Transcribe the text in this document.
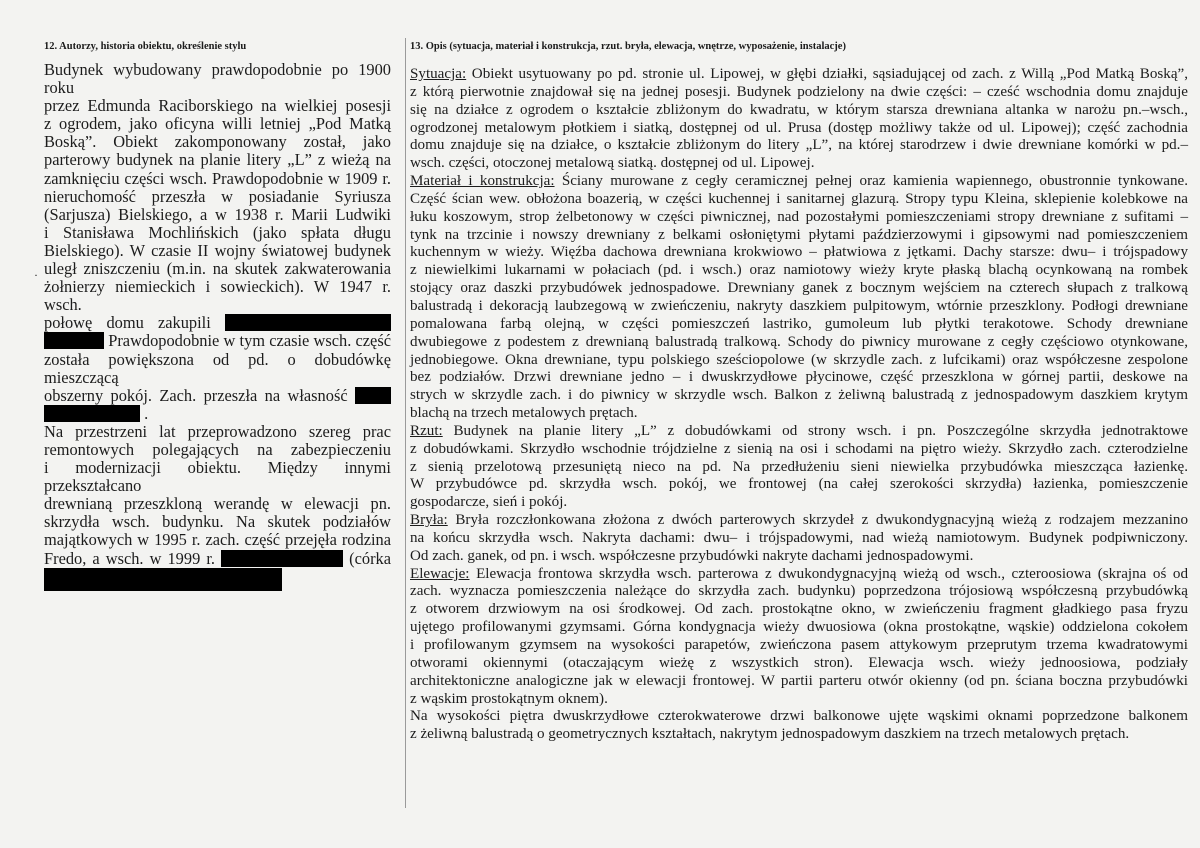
12. Autorzy, historia obiektu, określenie stylu	13. Opis (sytuacja, materiał i konstrukcja, rzut. bryła, elewacja, wnętrze, wyposażenie, instalacje)
·
Budynek wybudowany prawdopodobnie po 1900 roku
przez Edmunda Raciborskiego na wielkiej posesji
z ogrodem, jako oficyna willi letniej „Pod Matką
Boską”. Obiekt zakomponowany został, jako
parterowy budynek na planie litery „L” z wieżą na
zamknięciu części wsch. Prawdopodobnie w 1909 r.
nieruchomość przeszła w posiadanie Syriusza
(Sarjusza) Bielskiego, a w 1938 r. Marii Ludwiki
i Stanisława Mochlińskich (jako spłata długu
Bielskiego). W czasie II wojny światowej budynek
uległ zniszczeniu (m.in. na skutek zakwaterowania
żołnierzy niemieckich i sowieckich). W 1947 r. wsch.
połowę domu zakupili
Prawdopodobnie w tym czasie wsch. część
została powiększona od pd. o dobudówkę mieszczącą
obszerny pokój. Zach. przeszła na własność
.
Na przestrzeni lat przeprowadzono szereg prac
remontowych polegających na zabezpieczeniu
i modernizacji obiektu. Między innymi przekształcano
drewnianą przeszkloną werandę w elewacji pn.
skrzydła wsch. budynku. Na skutek podziałów
majątkowych w 1995 r. zach. część przejęła rodzina
Fredo, a wsch. w 1999 r.	(córka
Sytuacja: Obiekt usytuowany po pd. stronie ul. Lipowej, w głębi działki, sąsiadującej od zach. z Willą „Pod Matką Boską”,
z którą pierwotnie znajdował się na jednej posesji. Budynek podzielony na dwie części: – cześć wschodnia domu znajduje
się na działce z ogrodem o kształcie zbliżonym do kwadratu, w którym starsza drewniana altanka w narożu pn.–wsch.,
ogrodzonej metalowym płotkiem i siatką, dostępnej od ul. Prusa (dostęp możliwy także od ul. Lipowej); część zachodnia
domu znajduje się na działce, o kształcie zbliżonym do litery „L”, na której starodrzew i dwie drewniane komórki w pd.–
wsch. części, otoczonej metalową siatką. dostępnej od ul. Lipowej.
Materiał i konstrukcja: Ściany murowane z cegły ceramicznej pełnej oraz kamienia wapiennego, obustronnie tynkowane.
Część ścian wew. obłożona boazerią, w części kuchennej i sanitarnej glazurą. Stropy typu Kleina, sklepienie kolebkowe na
łuku koszowym, strop żelbetonowy w części piwnicznej, nad pozostałymi pomieszczeniami stropy drewniane z sufitami –
tynk na trzcinie i nowszy drewniany z belkami osłoniętymi płytami paździerzowymi i gipsowymi nad pomieszczeniem
kuchennym w wieży. Więźba dachowa drewniana krokwiowo – płatwiowa z jętkami. Dachy starsze: dwu– i trójspadowy
z niewielkimi lukarnami w połaciach (pd. i wsch.) oraz namiotowy wieży kryte płaską blachą ocynkowaną na rombek
stojący oraz daszki przybudówek jednospadowe. Drewniany ganek z bocznym wejściem na czterech słupach z tralkową
balustradą i dekoracją laubzegową w zwieńczeniu, nakryty daszkiem pulpitowym, wtórnie przeszklony. Podłogi drewniane
pomalowana farbą olejną, w części pomieszczeń lastriko, gumoleum lub płytki terakotowe. Schody drewniane
dwubiegowe z podestem z drewnianą balustradą tralkową. Schody do piwnicy murowane z cegły częściowo otynkowane,
jednobiegowe. Okna drewniane, typu polskiego sześciopolowe (w skrzydle zach. z lufcikami) oraz współczesne zespolone
bez podziałów. Drzwi drewniane jedno – i dwuskrzydłowe płycinowe, część przeszklona w górnej partii, deskowe na
strych w skrzydle zach. i do piwnicy w skrzydle wsch. Balkon z żeliwną balustradą z jednospadowym daszkiem krytym
blachą na trzech metalowych prętach.
Rzut: Budynek na planie litery „L” z dobudówkami od strony wsch. i pn. Poszczególne skrzydła jednotraktowe
z dobudówkami. Skrzydło wschodnie trójdzielne z sienią na osi i schodami na piętro wieży. Skrzydło zach. czterodzielne
z sienią przelotową przesuniętą nieco na pd. Na przedłużeniu sieni niewielka przybudówka mieszcząca łazienkę.
W przybudówce pd. skrzydła wsch. pokój, we frontowej (na całej szerokości skrzydła) łazienka, pomieszczenie
gospodarcze, sień i pokój.
Bryła: Bryła rozczłonkowana złożona z dwóch parterowych skrzydeł z dwukondygnacyjną wieżą z rodzajem mezzanino
na końcu skrzydła wsch. Nakryta dachami: dwu– i trójspadowymi, nad wieżą namiotowym. Budynek podpiwniczony.
Od zach. ganek, od pn. i wsch. współczesne przybudówki nakryte dachami jednospadowymi.
Elewacje: Elewacja frontowa skrzydła wsch. parterowa z dwukondygnacyjną wieżą od wsch., czteroosiowa (skrajna oś od
zach. wyznacza pomieszczenia należące do skrzydła zach. budynku) poprzedzona trójosiową współczesną przybudówką
z otworem drzwiowym na osi środkowej. Od zach. prostokątne okno, w zwieńczeniu fragment gładkiego pasa fryzu
ujętego profilowanymi gzymsami. Górna kondygnacja wieży dwuosiowa (okna prostokątne, wąskie) oddzielona cokołem
i profilowanym gzymsem na wysokości parapetów, zwieńczona pasem attykowym przeprutym trzema kwadratowymi
otworami okiennymi (otaczającym wieżę z wszystkich stron). Elewacja wsch. wieży jednoosiowa, podziały
architektoniczne analogiczne jak w elewacji frontowej. W partii parteru otwór okienny (od pn. ściana boczna przybudówki
z wąskim prostokątnym oknem).
Na wysokości piętra dwuskrzydłowe czterokwaterowe drzwi balkonowe ujęte wąskimi oknami poprzedzone balkonem
z żeliwną balustradą o geometrycznych kształtach, nakrytym jednospadowym daszkiem na trzech metalowych prętach.
